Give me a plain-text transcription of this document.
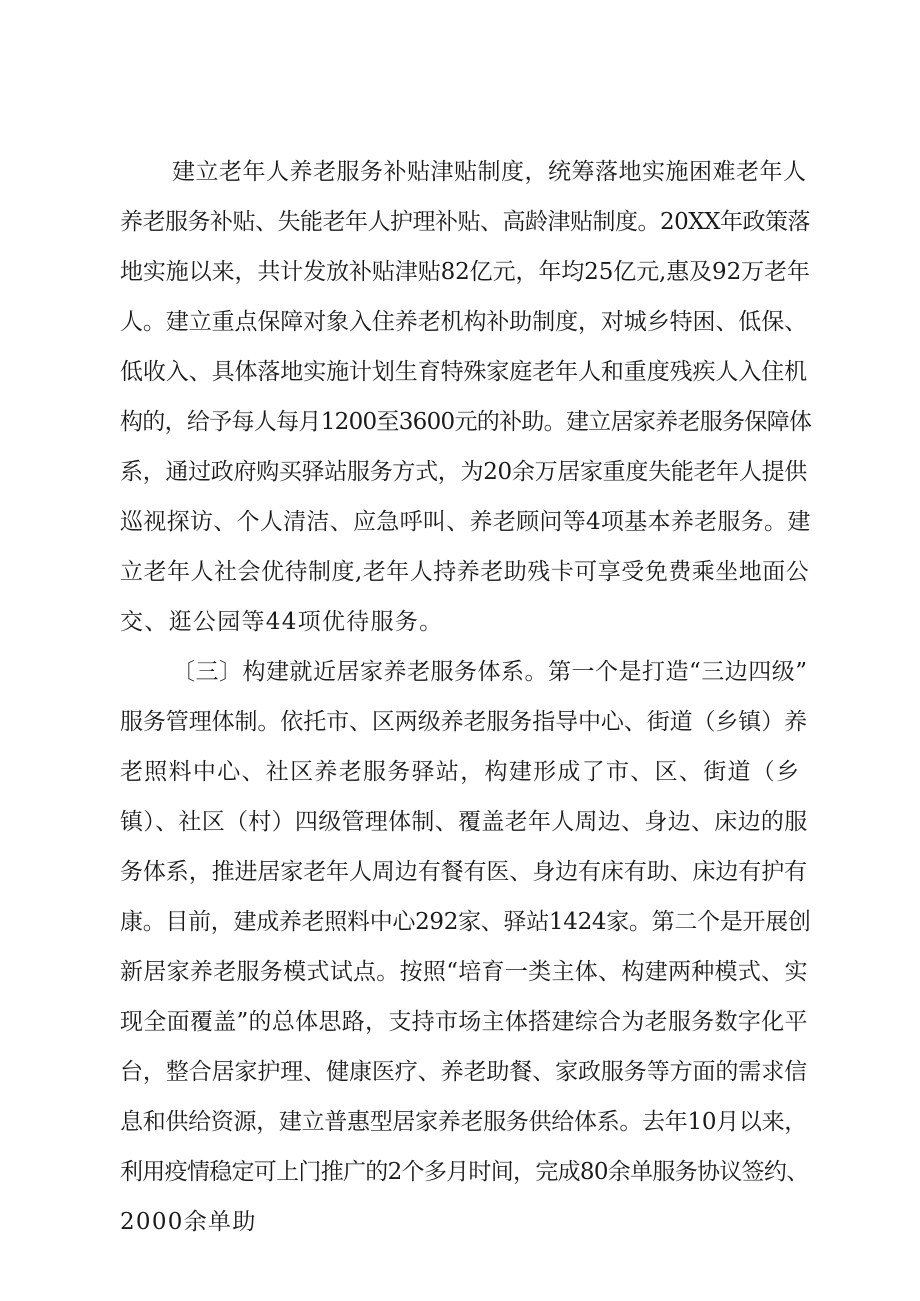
建立老年人养老服务补贴津贴制度，统筹落地实施困难老年人
养老服务补贴、失能老年人护理补贴、高龄津贴制度。20XX年政策落
地实施以来，共计发放补贴津贴82亿元，年均25亿元,惠及92万老年
人。建立重点保障对象入住养老机构补助制度，对城乡特困、低保、
低收入、具体落地实施计划生育特殊家庭老年人和重度残疾人入住机
构的，给予每人每月1200至3600元的补助。建立居家养老服务保障体
系，通过政府购买驿站服务方式，为20余万居家重度失能老年人提供
巡视探访、个人清洁、应急呼叫、养老顾问等4项基本养老服务。建
立老年人社会优待制度,老年人持养老助残卡可享受免费乘坐地面公
交、逛公园等44项优待服务。
〔三〕构建就近居家养老服务体系。第一个是打造“三边四级”
服务管理体制。依托市、区两级养老服务指导中心、街道（乡镇）养
老照料中心、社区养老服务驿站，构建形成了市、区、街道（乡
镇）、社区（村）四级管理体制、覆盖老年人周边、身边、床边的服
务体系，推进居家老年人周边有餐有医、身边有床有助、床边有护有
康。目前，建成养老照料中心292家、驿站1424家。第二个是开展创
新居家养老服务模式试点。按照“培育一类主体、构建两种模式、实
现全面覆盖”的总体思路，支持市场主体搭建综合为老服务数字化平
台，整合居家护理、健康医疗、养老助餐、家政服务等方面的需求信
息和供给资源，建立普惠型居家养老服务供给体系。去年10月以来，
利用疫情稳定可上门推广的2个多月时间，完成80余单服务协议签约、
2000余单助
